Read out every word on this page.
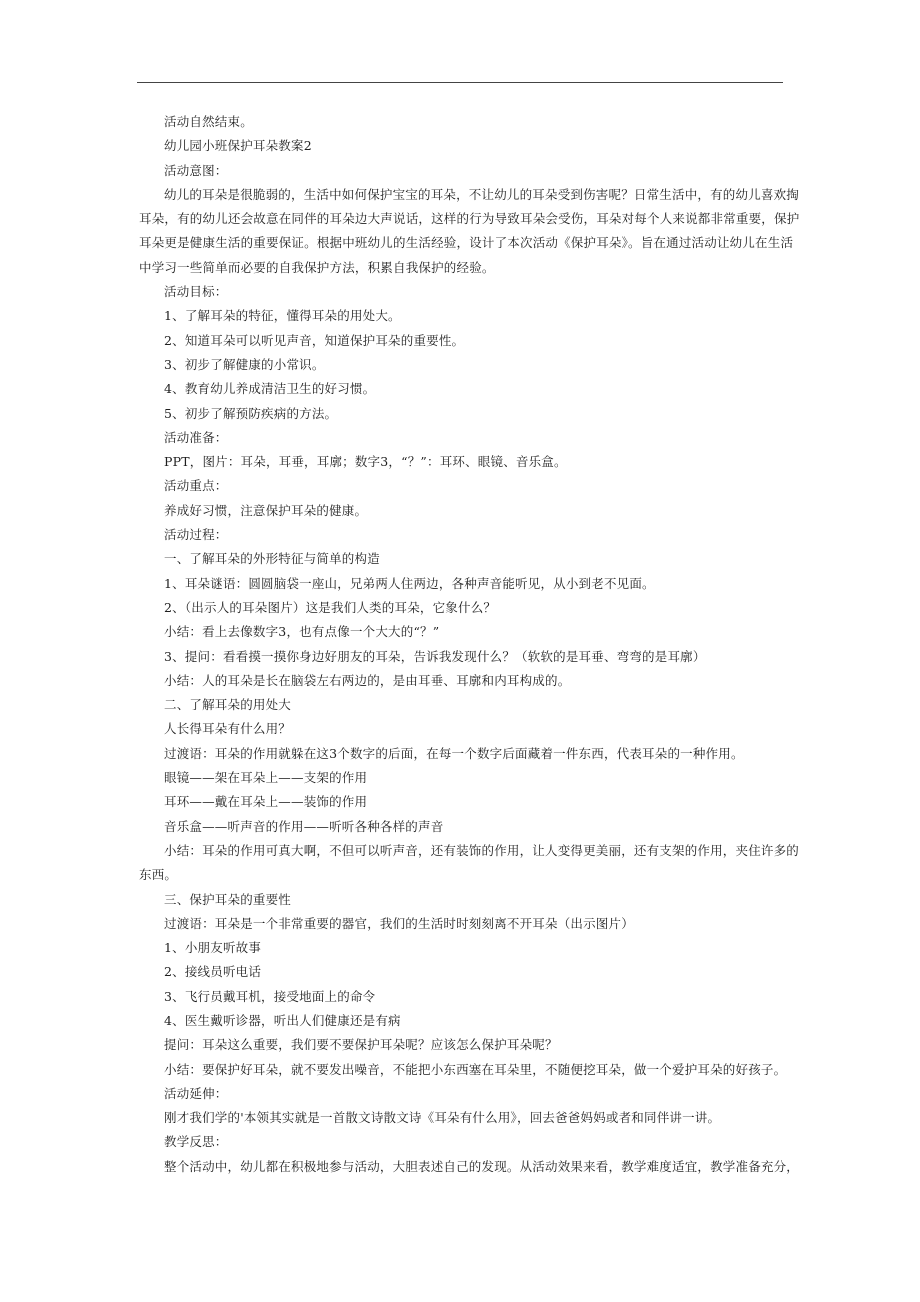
活动自然结束。
幼儿园小班保护耳朵教案2
活动意图：
幼儿的耳朵是很脆弱的，生活中如何保护宝宝的耳朵，不让幼儿的耳朵受到伤害呢？日常生活中，有的幼儿喜欢掏
耳朵，有的幼儿还会故意在同伴的耳朵边大声说话，这样的行为导致耳朵会受伤，耳朵对每个人来说都非常重要，保护
耳朵更是健康生活的重要保证。根据中班幼儿的生活经验，设计了本次活动《保护耳朵》。旨在通过活动让幼儿在生活
中学习一些简单而必要的自我保护方法，积累自我保护的经验。
活动目标：
1、了解耳朵的特征，懂得耳朵的用处大。
2、知道耳朵可以听见声音，知道保护耳朵的重要性。
3、初步了解健康的小常识。
4、教育幼儿养成清洁卫生的好习惯。
5、初步了解预防疾病的方法。
活动准备：
PPT，图片：耳朵，耳垂，耳廓；数字3，“？”：耳环、眼镜、音乐盒。
活动重点：
养成好习惯，注意保护耳朵的健康。
活动过程：
一、了解耳朵的外形特征与简单的构造
1、耳朵谜语：圆圆脑袋一座山，兄弟两人住两边，各种声音能听见，从小到老不见面。
2、（出示人的耳朵图片）这是我们人类的耳朵，它象什么？
小结：看上去像数字3，也有点像一个大大的“？”
3、提问：看看摸一摸你身边好朋友的耳朵，告诉我发现什么？（软软的是耳垂、弯弯的是耳廓）
小结：人的耳朵是长在脑袋左右两边的，是由耳垂、耳廓和内耳构成的。
二、了解耳朵的用处大
人长得耳朵有什么用？
过渡语：耳朵的作用就躲在这3个数字的后面，在每一个数字后面藏着一件东西，代表耳朵的一种作用。
眼镜——架在耳朵上——支架的作用
耳环——戴在耳朵上——装饰的作用
音乐盒——听声音的作用——听听各种各样的声音
小结：耳朵的作用可真大啊，不但可以听声音，还有装饰的作用，让人变得更美丽，还有支架的作用，夹住许多的
东西。
三、保护耳朵的重要性
过渡语：耳朵是一个非常重要的器官，我们的生活时时刻刻离不开耳朵（出示图片）
1、小朋友听故事
2、接线员听电话
3、飞行员戴耳机，接受地面上的命令
4、医生戴听诊器，听出人们健康还是有病
提问：耳朵这么重要，我们要不要保护耳朵呢？应该怎么保护耳朵呢？
小结：要保护好耳朵，就不要发出噪音，不能把小东西塞在耳朵里，不随便挖耳朵，做一个爱护耳朵的好孩子。
活动延伸：
刚才我们学的'本领其实就是一首散文诗散文诗《耳朵有什么用》，回去爸爸妈妈或者和同伴讲一讲。
教学反思：
整个活动中，幼儿都在积极地参与活动，大胆表述自己的发现。从活动效果来看，教学难度适宜，教学准备充分，
